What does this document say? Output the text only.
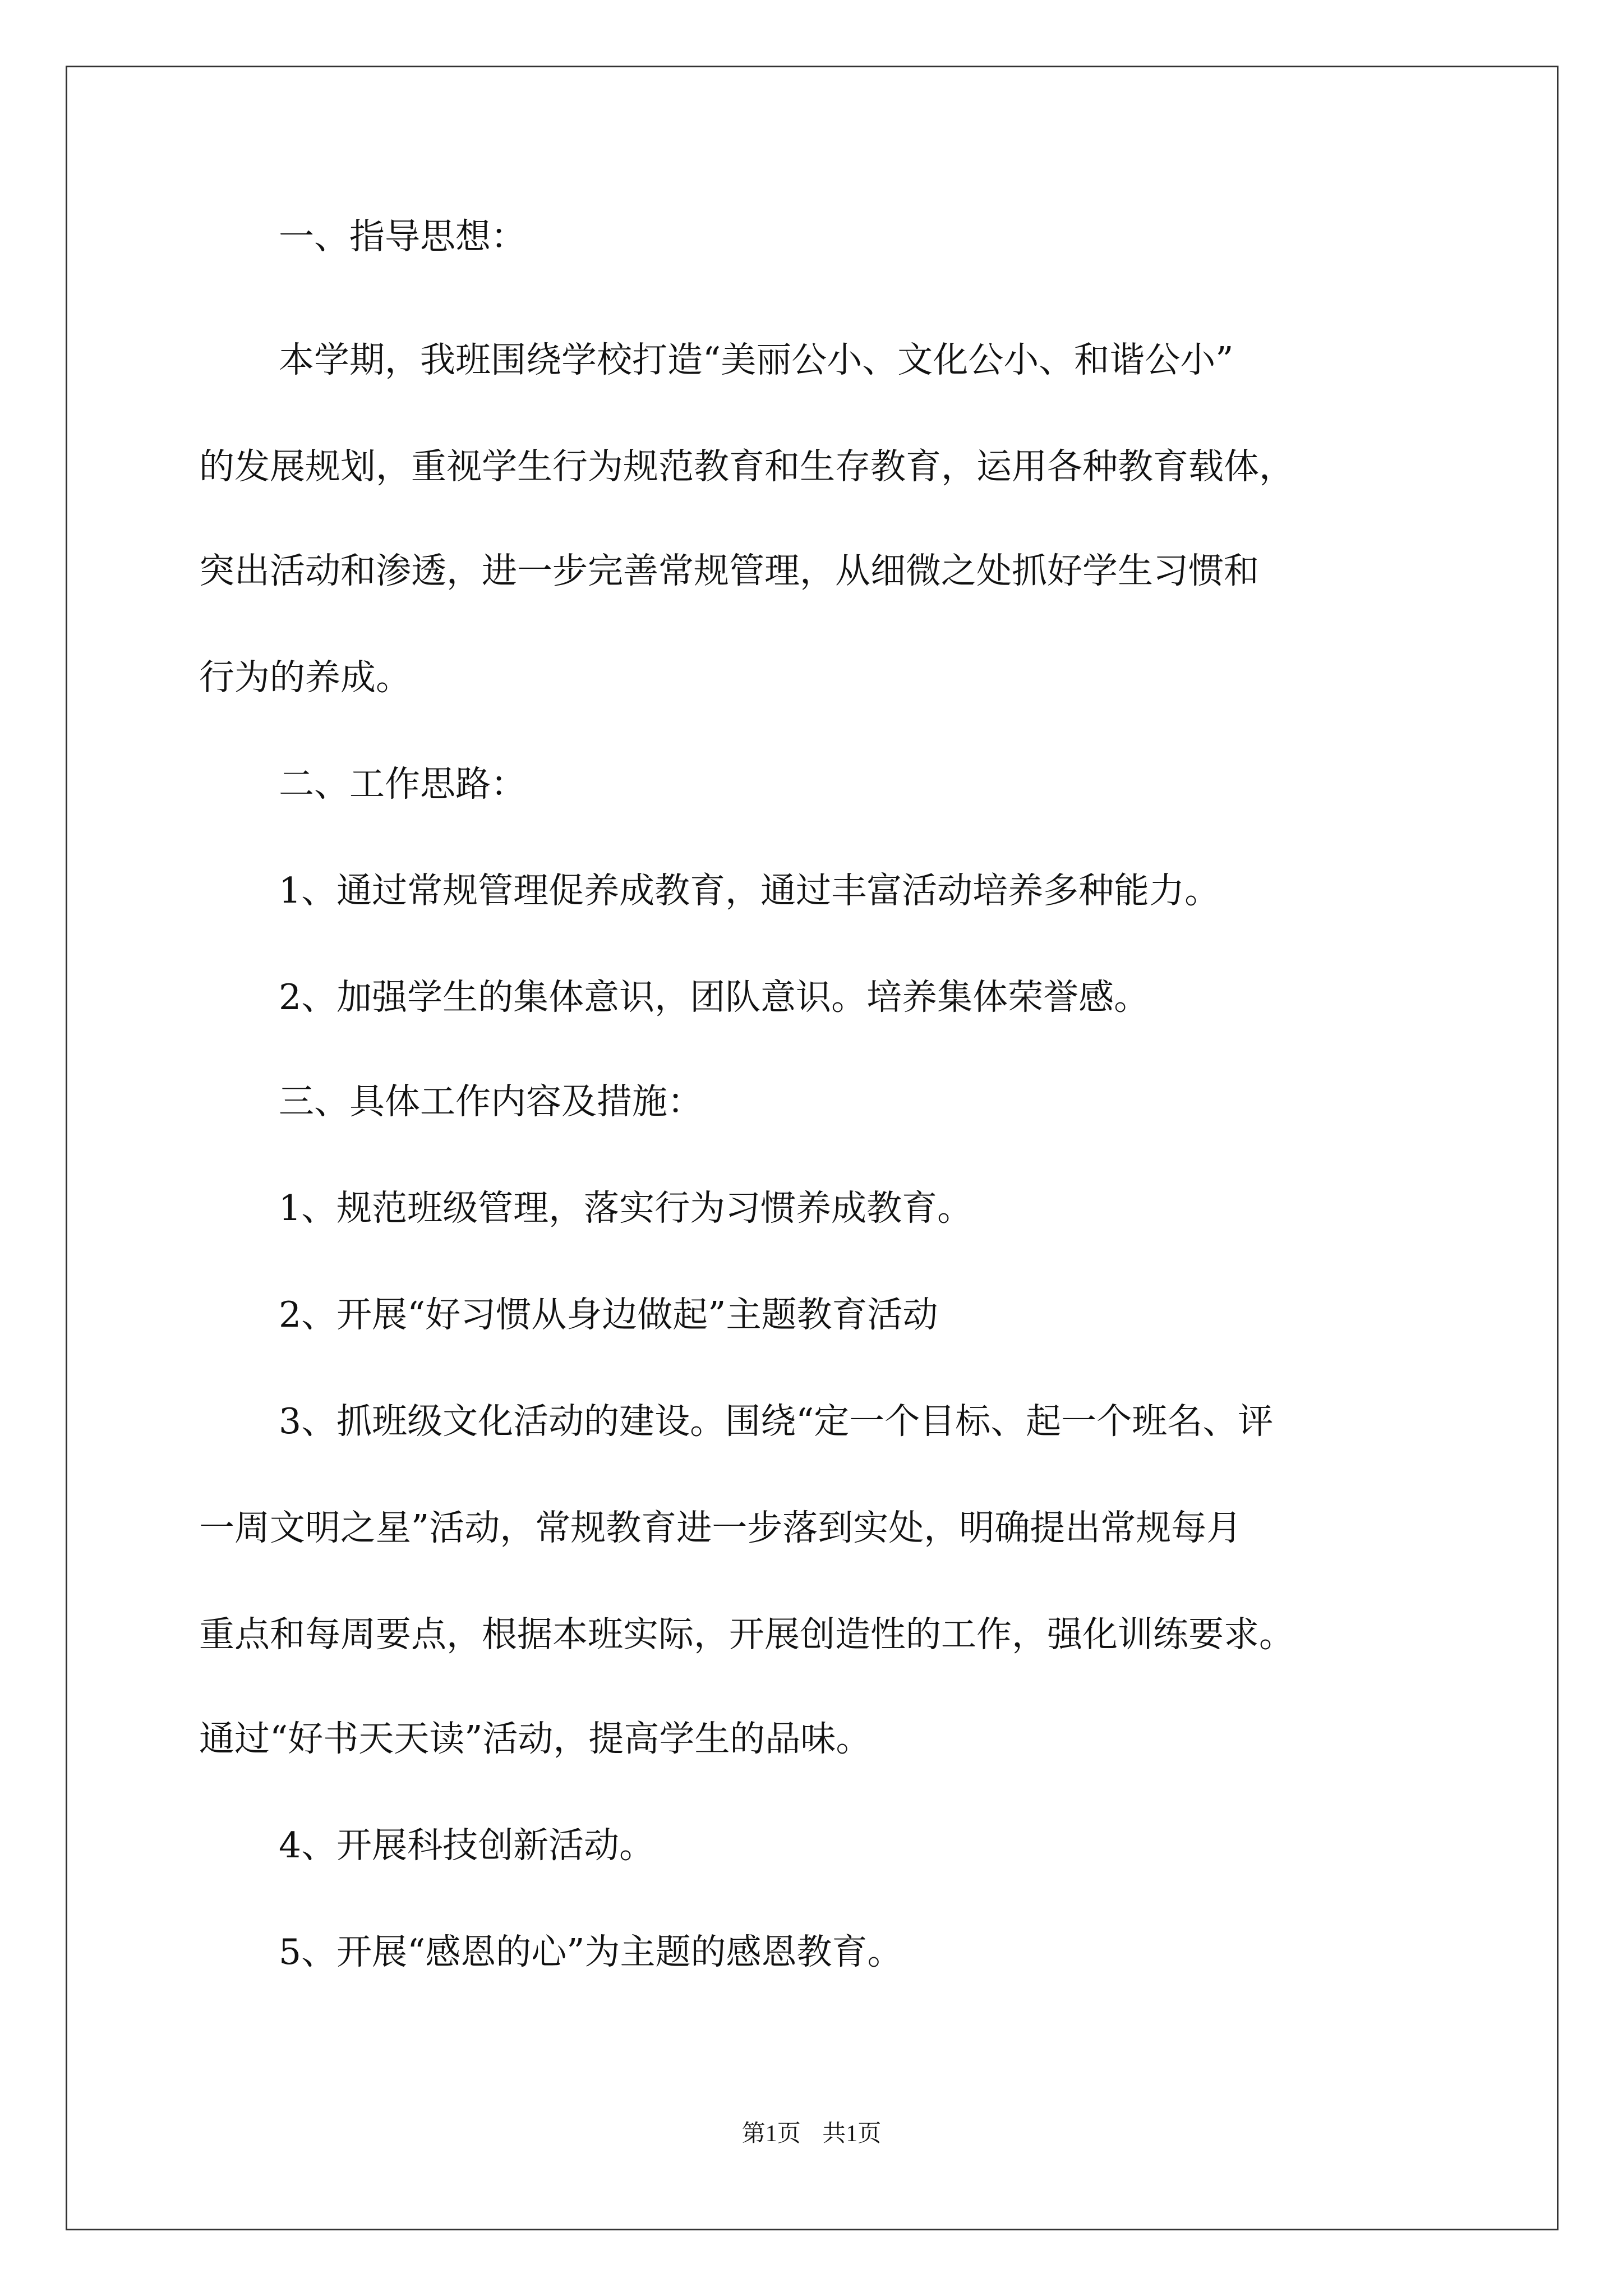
一、指导思想：

本学期，我班围绕学校打造“美丽公小、文化公小、和谐公小”

的发展规划，重视学生行为规范教育和生存教育，运用各种教育载体，

突出活动和渗透，进一步完善常规管理，从细微之处抓好学生习惯和

行为的养成。

二、工作思路：

1、通过常规管理促养成教育，通过丰富活动培养多种能力。

2、加强学生的集体意识，团队意识。培养集体荣誉感。

三、具体工作内容及措施：

1、规范班级管理，落实行为习惯养成教育。

2、开展“好习惯从身边做起”主题教育活动

3、抓班级文化活动的建设。围绕“定一个目标、起一个班名、评

一周文明之星”活动，常规教育进一步落到实处，明确提出常规每月

重点和每周要点，根据本班实际，开展创造性的工作，强化训练要求。

通过“好书天天读”活动，提高学生的品味。

4、开展科技创新活动。

5、开展“感恩的心”为主题的感恩教育。

第1页 共1页
